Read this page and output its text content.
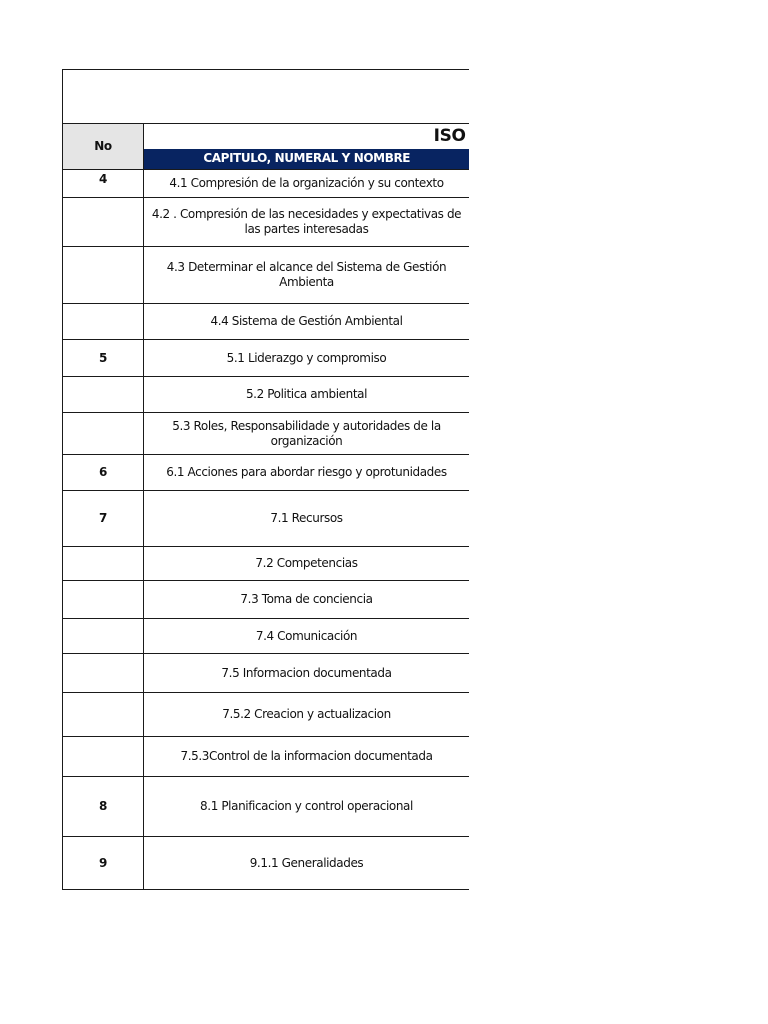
No	ISO
	CAPITULO, NUMERAL Y NOMBRE
4	4.1 Compresión de la organización y su contexto
	4.2 . Compresión de las necesidades y expectativas de las partes interesadas
	4.3 Determinar el alcance del Sistema de Gestión Ambienta
	4.4 Sistema de Gestión Ambiental
5	5.1 Liderazgo y compromiso
	5.2 Politica ambiental
	5.3 Roles, Responsabilidade y autoridades de la organización
6	6.1 Acciones para abordar riesgo y oprotunidades
7	7.1 Recursos
	7.2 Competencias
	7.3 Toma de conciencia
	7.4 Comunicación
	7.5 Informacion documentada
	7.5.2 Creacion y actualizacion
	7.5.3Control de la informacion documentada
8	8.1 Planificacion y control operacional
9	9.1.1 Generalidades
